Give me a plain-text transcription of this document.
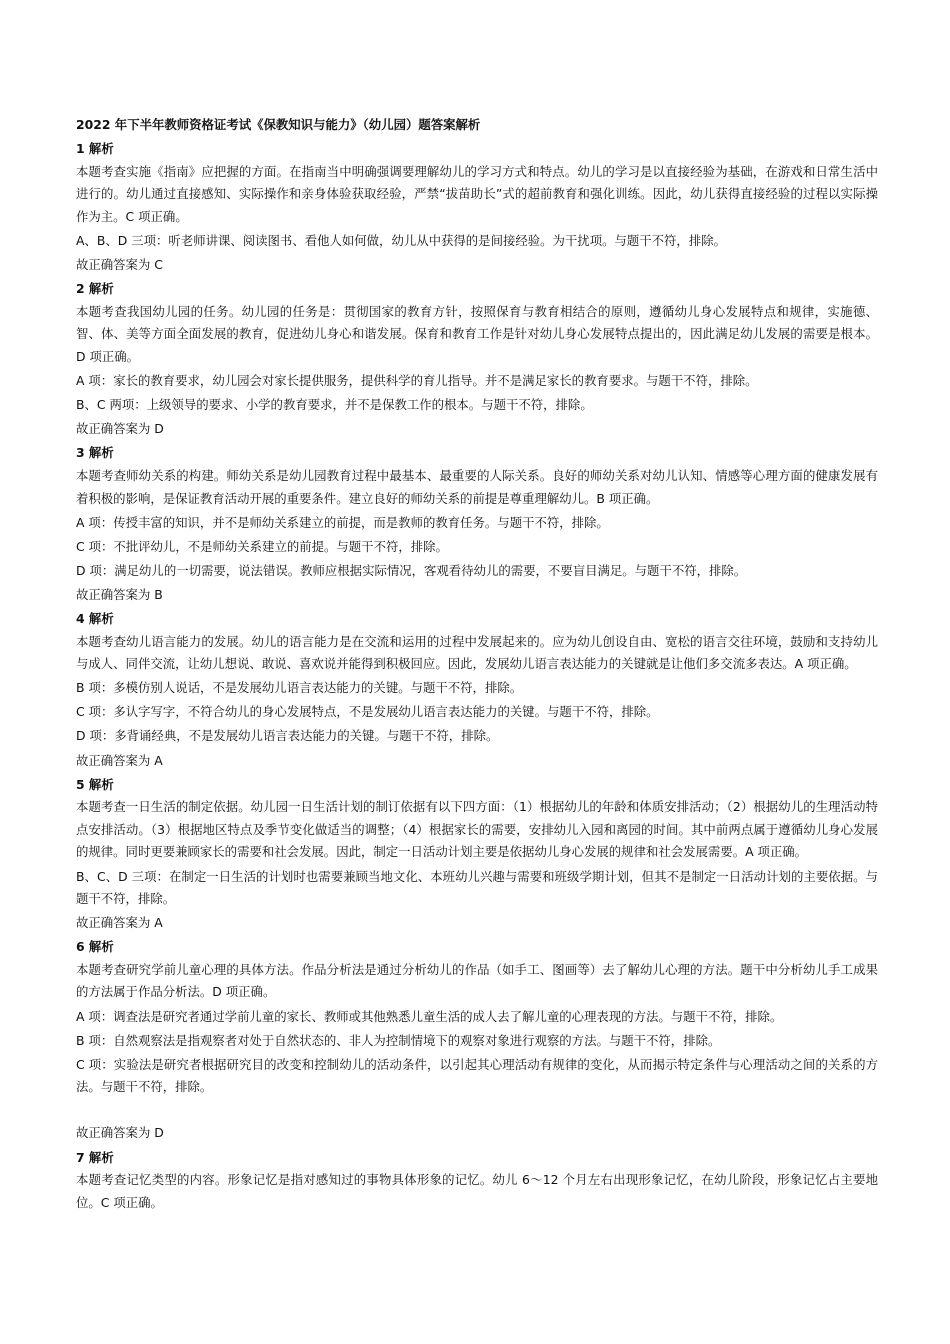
2022 年下半年教师资格证考试《保教知识与能力》（幼儿园）题答案解析
1 解析

本题考查实施《指南》应把握的方面。在指南当中明确强调要理解幼儿的学习方式和特点。幼儿的学习是以直接经验为基础，在游戏和日常生活中进行的。幼儿通过直接感知、实际操作和亲身体验获取经验，严禁“拔苗助长”式的超前教育和强化训练。因此，幼儿获得直接经验的过程以实际操作为主。C 项正确。

A、B、D 三项：听老师讲课、阅读图书、看他人如何做，幼儿从中获得的是间接经验。为干扰项。与题干不符，排除。

故正确答案为 C

2 解析

本题考查我国幼儿园的任务。幼儿园的任务是：贯彻国家的教育方针，按照保育与教育相结合的原则，遵循幼儿身心发展特点和规律，实施德、智、体、美等方面全面发展的教育，促进幼儿身心和谐发展。保育和教育工作是针对幼儿身心发展特点提出的，因此满足幼儿发展的需要是根本。D 项正确。

A 项：家长的教育要求，幼儿园会对家长提供服务，提供科学的育儿指导。并不是满足家长的教育要求。与题干不符，排除。

B、C 两项：上级领导的要求、小学的教育要求，并不是保教工作的根本。与题干不符，排除。

故正确答案为 D

3 解析

本题考查师幼关系的构建。师幼关系是幼儿园教育过程中最基本、最重要的人际关系。良好的师幼关系对幼儿认知、情感等心理方面的健康发展有着积极的影响，是保证教育活动开展的重要条件。建立良好的师幼关系的前提是尊重理解幼儿。B 项正确。

A 项：传授丰富的知识，并不是师幼关系建立的前提，而是教师的教育任务。与题干不符，排除。

C 项：不批评幼儿，不是师幼关系建立的前提。与题干不符，排除。

D 项：满足幼儿的一切需要，说法错误。教师应根据实际情况，客观看待幼儿的需要，不要盲目满足。与题干不符，排除。

故正确答案为 B

4 解析

本题考查幼儿语言能力的发展。幼儿的语言能力是在交流和运用的过程中发展起来的。应为幼儿创设自由、宽松的语言交往环境，鼓励和支持幼儿与成人、同伴交流，让幼儿想说、敢说、喜欢说并能得到积极回应。因此，发展幼儿语言表达能力的关键就是让他们多交流多表达。A 项正确。

B 项：多模仿别人说话，不是发展幼儿语言表达能力的关键。与题干不符，排除。

C 项：多认字写字，不符合幼儿的身心发展特点，不是发展幼儿语言表达能力的关键。与题干不符，排除。

D 项：多背诵经典，不是发展幼儿语言表达能力的关键。与题干不符，排除。

故正确答案为 A

5 解析

本题考查一日生活的制定依据。幼儿园一日生活计划的制订依据有以下四方面：（1）根据幼儿的年龄和体质安排活动；（2）根据幼儿的生理活动特点安排活动。（3）根据地区特点及季节变化做适当的调整；（4）根据家长的需要，安排幼儿入园和离园的时间。其中前两点属于遵循幼儿身心发展的规律。同时更要兼顾家长的需要和社会发展。因此，制定一日活动计划主要是依据幼儿身心发展的规律和社会发展需要。A 项正确。

B、C、D 三项：在制定一日生活的计划时也需要兼顾当地文化、本班幼儿兴趣与需要和班级学期计划，但其不是制定一日活动计划的主要依据。与题干不符，排除。

故正确答案为 A

6 解析

本题考查研究学前儿童心理的具体方法。作品分析法是通过分析幼儿的作品（如手工、图画等）去了解幼儿心理的方法。题干中分析幼儿手工成果的方法属于作品分析法。D 项正确。

A 项：调查法是研究者通过学前儿童的家长、教师或其他熟悉儿童生活的成人去了解儿童的心理表现的方法。与题干不符，排除。

B 项：自然观察法是指观察者对处于自然状态的、非人为控制情境下的观察对象进行观察的方法。与题干不符，排除。

C 项：实验法是研究者根据研究目的改变和控制幼儿的活动条件，以引起其心理活动有规律的变化，从而揭示特定条件与心理活动之间的关系的方法。与题干不符，排除。

故正确答案为 D

7 解析

本题考查记忆类型的内容。形象记忆是指对感知过的事物具体形象的记忆。幼儿 6～12 个月左右出现形象记忆，在幼儿阶段，形象记忆占主要地位。C 项正确。
